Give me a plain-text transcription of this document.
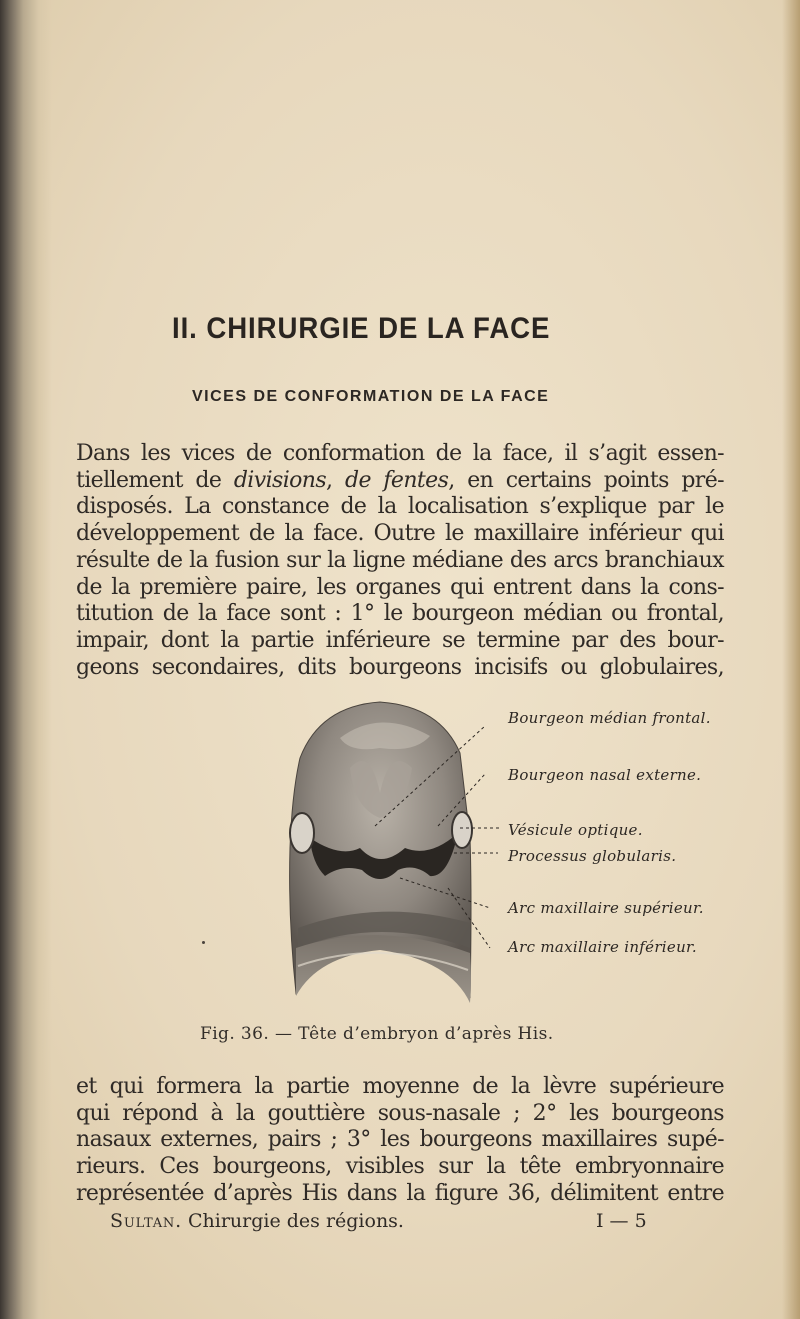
II. CHIRURGIE DE LA FACE
VICES DE CONFORMATION DE LA FACE

Dans les vices de conformation de la face, il s’agit essen-
tiellement de divisions, de fentes, en certains points pré-
disposés. La constance de la localisation s’explique par le
développement de la face. Outre le maxillaire inférieur qui
résulte de la fusion sur la ligne médiane des arcs branchiaux
de la première paire, les organes qui entrent dans la cons-
titution de la face sont : 1° le bourgeon médian ou frontal,
impair, dont la partie inférieure se termine par des bour-
geons secondaires, dits bourgeons incisifs ou globulaires,

Bourgeon médian frontal.
Bourgeon nasal externe.
Vésicule optique.
Processus globularis.
Arc maxillaire supérieur.
Arc maxillaire inférieur.
Fig. 36. — Tête d’embryon d’après His.

et qui formera la partie moyenne de la lèvre supérieure
qui répond à la gouttière sous-nasale ; 2° les bourgeons
nasaux externes, pairs ; 3° les bourgeons maxillaires supé-
rieurs. Ces bourgeons, visibles sur la tête embryonnaire
représentée d’après His dans la figure 36, délimitent entre

Sultan. Chirurgie des régions.	I — 5
